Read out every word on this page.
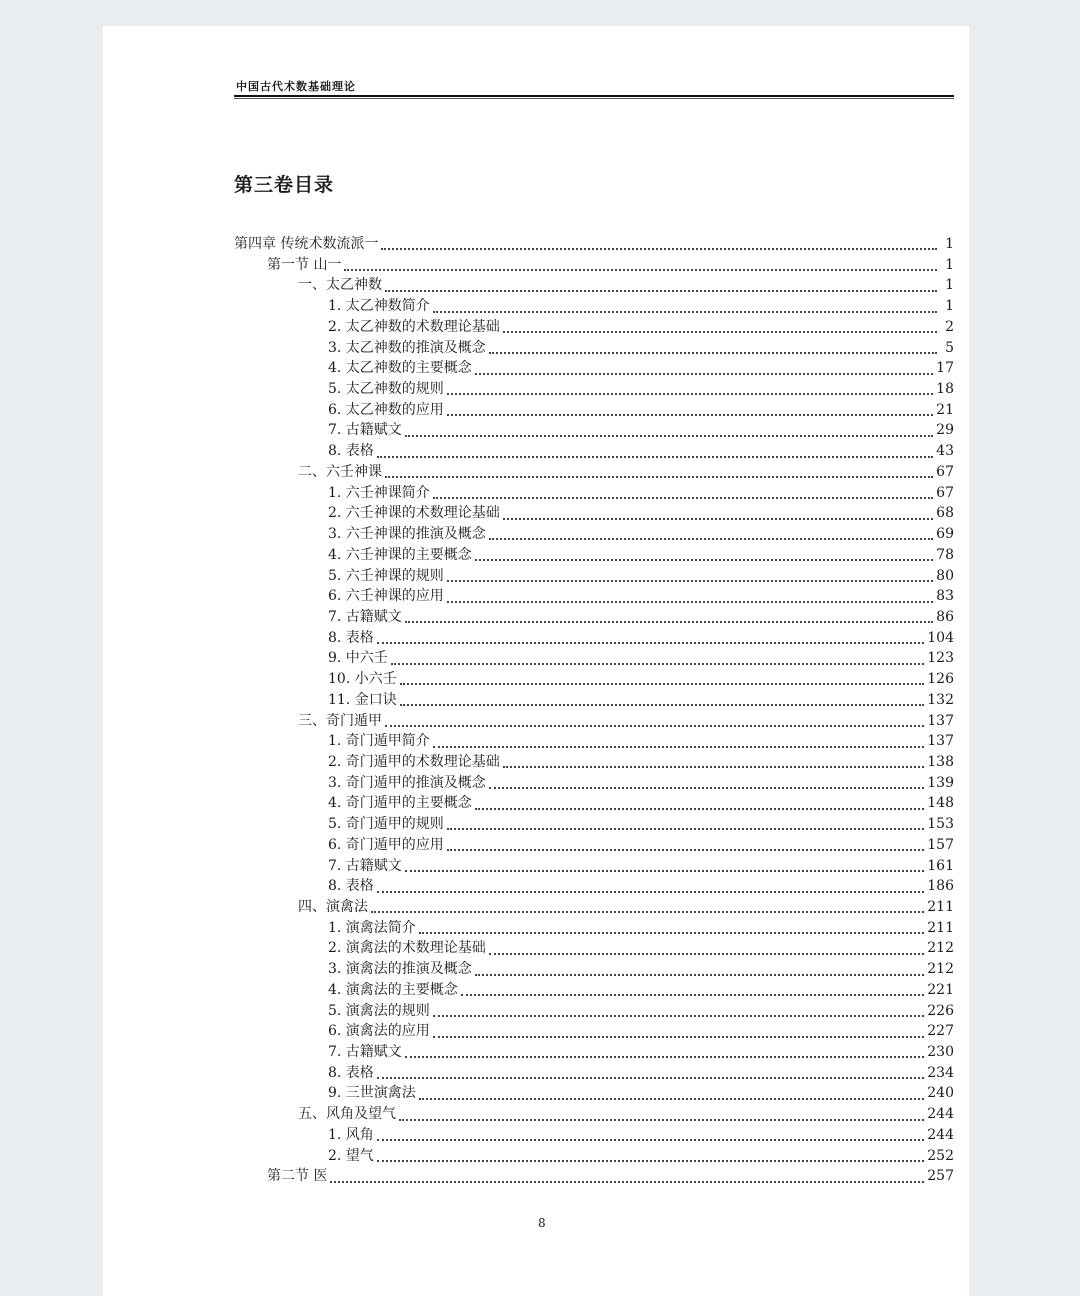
中国古代术数基础理论
第三卷目录
第四章 传统术数流派一	1
第一节 山一	1
一、太乙神数	1
1. 太乙神数简介	1
2. 太乙神数的术数理论基础	2
3. 太乙神数的推演及概念	5
4. 太乙神数的主要概念	17
5. 太乙神数的规则	18
6. 太乙神数的应用	21
7. 古籍赋文	29
8. 表格	43
二、六壬神课	67
1. 六壬神课简介	67
2. 六壬神课的术数理论基础	68
3. 六壬神课的推演及概念	69
4. 六壬神课的主要概念	78
5. 六壬神课的规则	80
6. 六壬神课的应用	83
7. 古籍赋文	86
8. 表格	104
9. 中六壬	123
10. 小六壬	126
11. 金口诀	132
三、奇门遁甲	137
1. 奇门遁甲简介	137
2. 奇门遁甲的术数理论基础	138
3. 奇门遁甲的推演及概念	139
4. 奇门遁甲的主要概念	148
5. 奇门遁甲的规则	153
6. 奇门遁甲的应用	157
7. 古籍赋文	161
8. 表格	186
四、演禽法	211
1. 演禽法简介	211
2. 演禽法的术数理论基础	212
3. 演禽法的推演及概念	212
4. 演禽法的主要概念	221
5. 演禽法的规则	226
6. 演禽法的应用	227
7. 古籍赋文	230
8. 表格	234
9. 三世演禽法	240
五、风角及望气	244
1. 风角	244
2. 望气	252
第二节 医	257
8
